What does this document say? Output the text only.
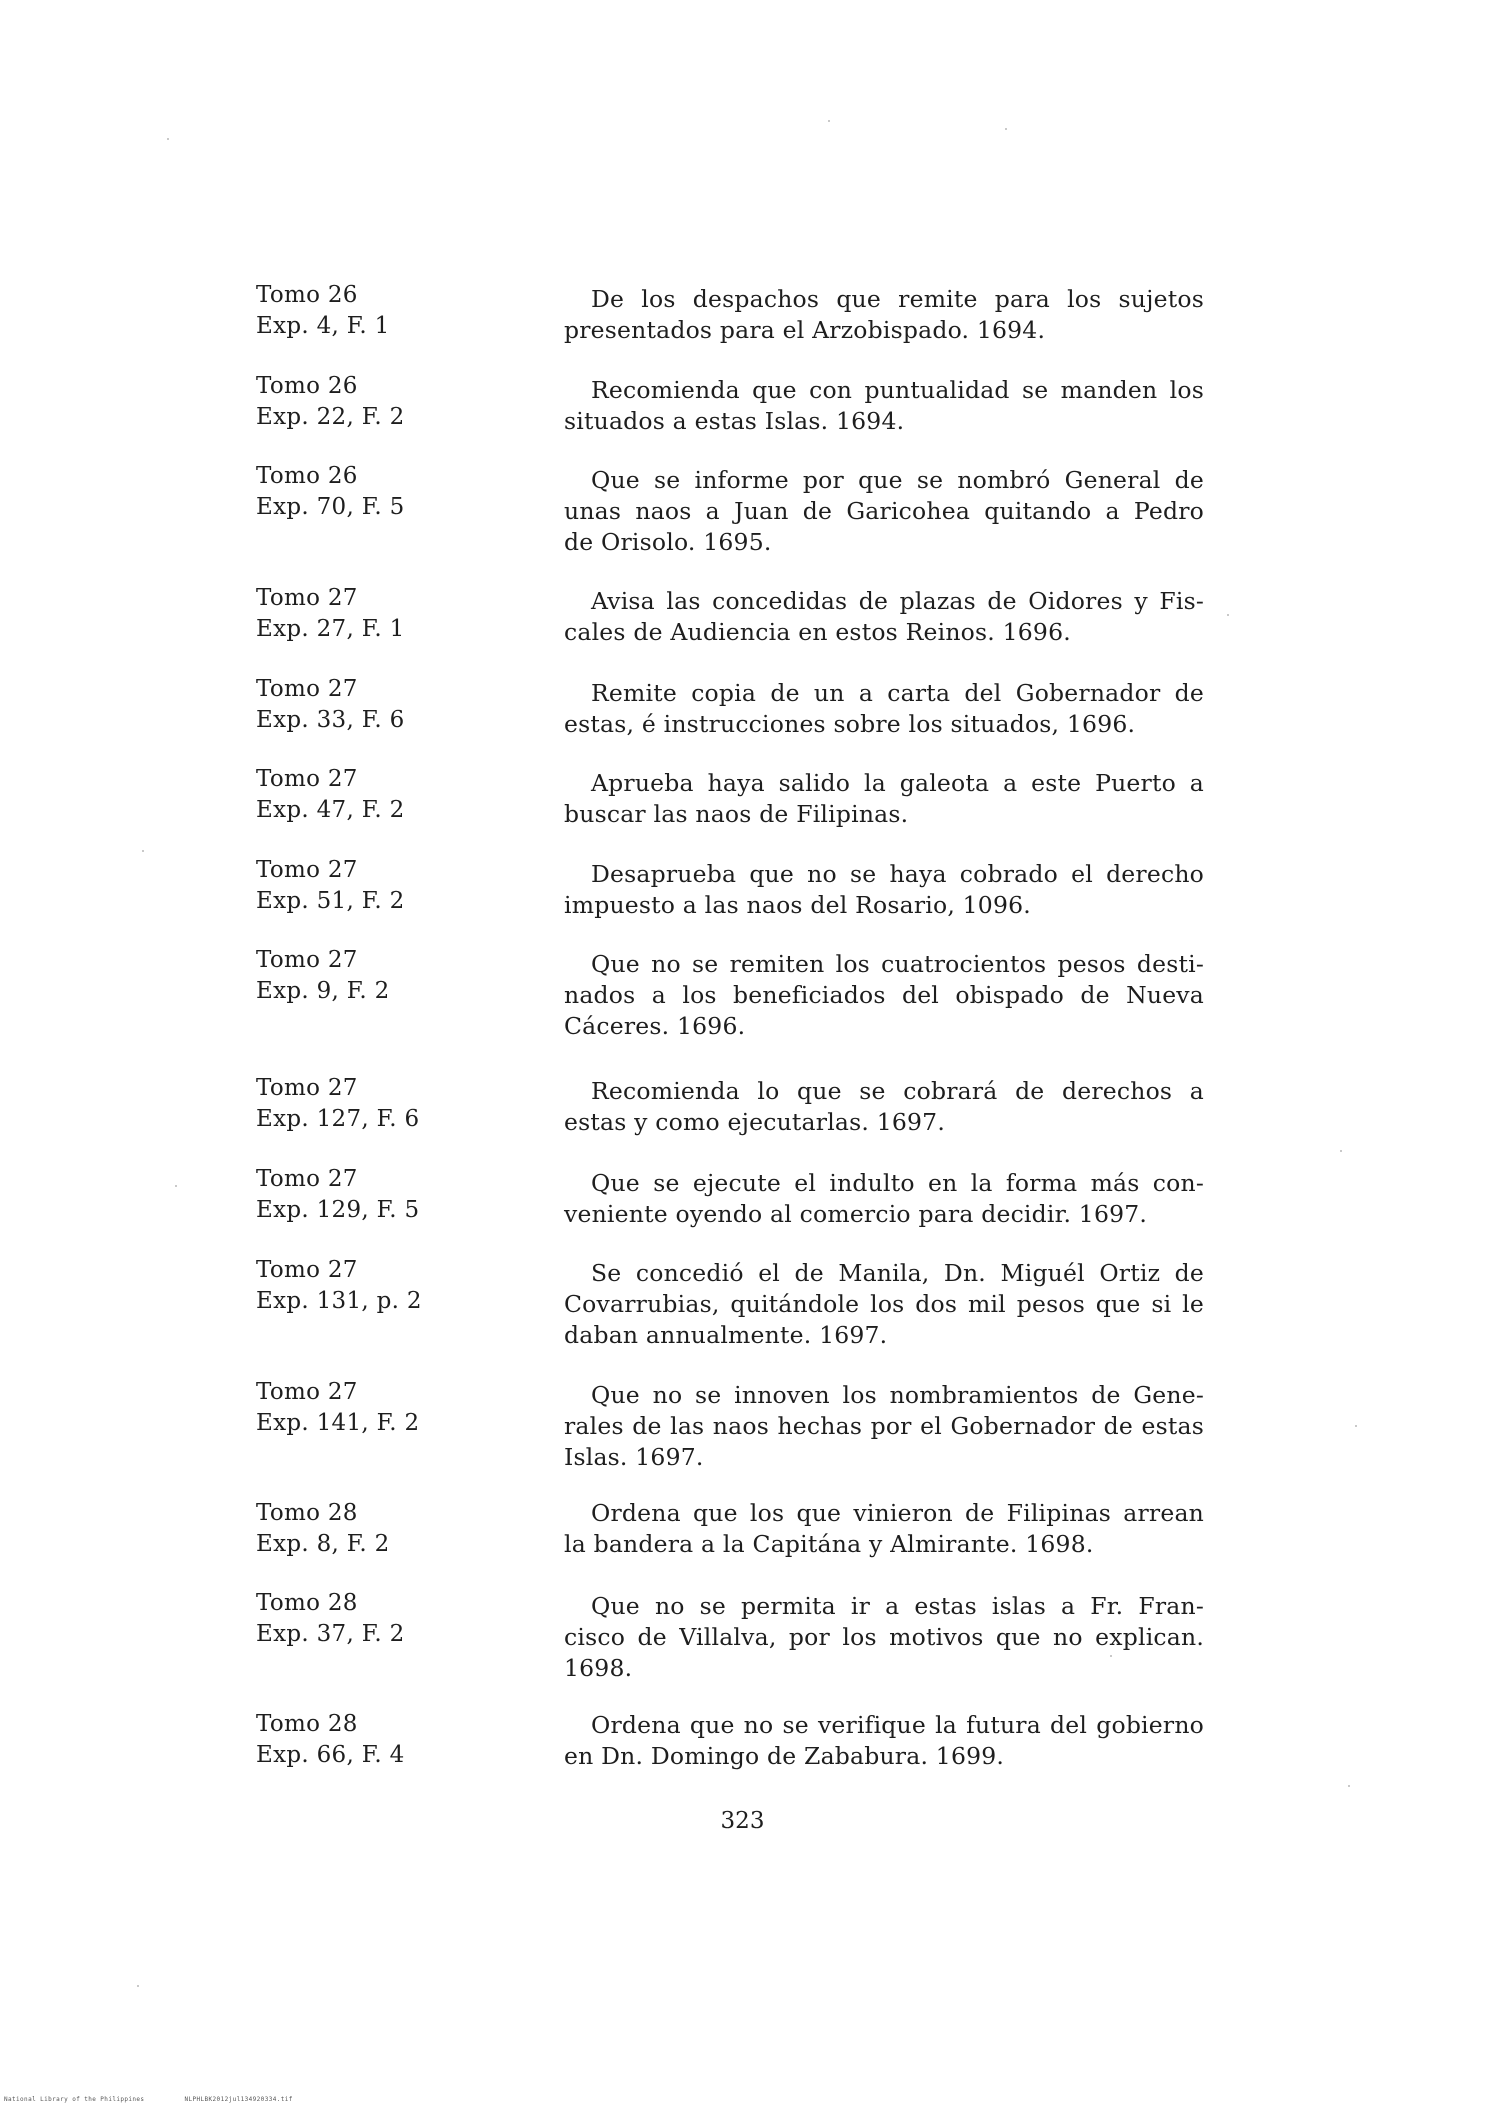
Tomo 26
Exp. 4, F. 1
De los despachos que remite para los sujetos
presentados para el Arzobispado. 1694.
Tomo 26
Exp. 22, F. 2
Recomienda que con puntualidad se manden los
situados a estas Islas. 1694.
Tomo 26
Exp. 70, F. 5
Que se informe por que se nombró General de
unas naos a Juan de Garicohea quitando a Pedro
de Orisolo. 1695.
Tomo 27
Exp. 27, F. 1
Avisa las concedidas de plazas de Oidores y Fis-
cales de Audiencia en estos Reinos. 1696.
Tomo 27
Exp. 33, F. 6
Remite copia de un a carta del Gobernador de
estas, é instrucciones sobre los situados, 1696.
Tomo 27
Exp. 47, F. 2
Aprueba haya salido la galeota a este Puerto a
buscar las naos de Filipinas.
Tomo 27
Exp. 51, F. 2
Desaprueba que no se haya cobrado el derecho
impuesto a las naos del Rosario, 1096.
Tomo 27
Exp. 9, F. 2
Que no se remiten los cuatrocientos pesos desti-
nados a los beneficiados del obispado de Nueva
Cáceres. 1696.
Tomo 27
Exp. 127, F. 6
Recomienda lo que se cobrará de derechos a
estas y como ejecutarlas. 1697.
Tomo 27
Exp. 129, F. 5
Que se ejecute el indulto en la forma más con-
veniente oyendo al comercio para decidir. 1697.
Tomo 27
Exp. 131, p. 2
Se concedió el de Manila, Dn. Miguél Ortiz de
Covarrubias, quitándole los dos mil pesos que si le
daban annualmente. 1697.
Tomo 27
Exp. 141, F. 2
Que no se innoven los nombramientos de Gene-
rales de las naos hechas por el Gobernador de estas
Islas. 1697.
Tomo 28
Exp. 8, F. 2
Ordena que los que vinieron de Filipinas arrean
la bandera a la Capitána y Almirante. 1698.
Tomo 28
Exp. 37, F. 2
Que no se permita ir a estas islas a Fr. Fran-
cisco de Villalva, por los motivos que no explican.
1698.
Tomo 28
Exp. 66, F. 4
Ordena que no se verifique la futura del gobierno
en Dn. Domingo de Zababura. 1699.
323
National Library of the Philippines	NLPHLBK2012jul134920334.tif
